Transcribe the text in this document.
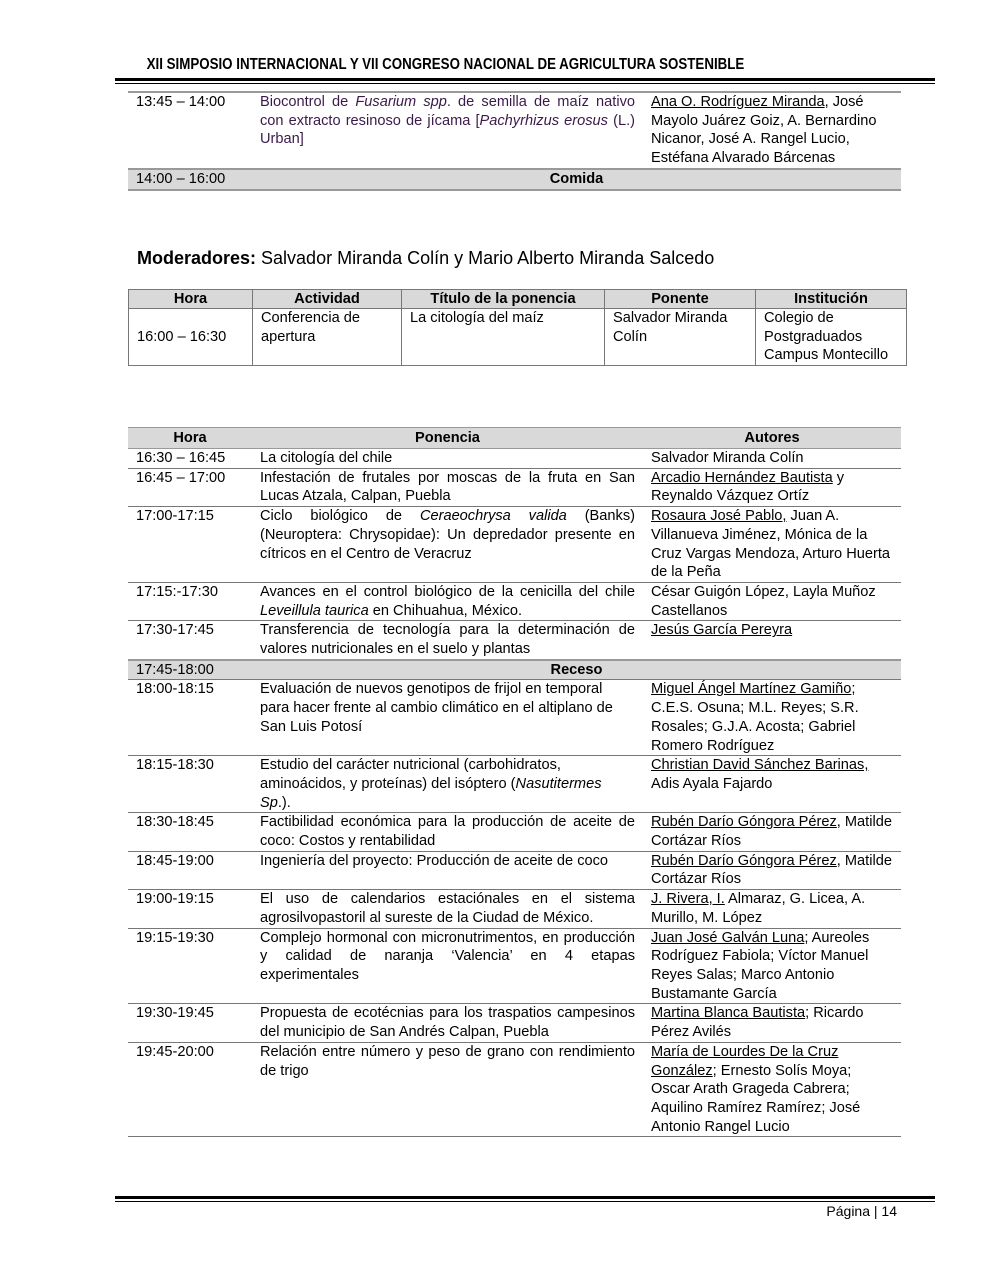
XII SIMPOSIO INTERNACIONAL Y VII CONGRESO NACIONAL DE AGRICULTURA SOSTENIBLE
13:45 – 14:00	Biocontrol de Fusarium spp. de semilla de maíz nativo con extracto resinoso de jícama [Pachyrhizus erosus (L.) Urban]	Ana O. Rodríguez Miranda, José Mayolo Juárez Goiz, A. Bernardino Nicanor, José A. Rangel Lucio, Estéfana Alvarado Bárcenas
14:00 – 16:00	Comida	
Moderadores: Salvador Miranda Colín y Mario Alberto Miranda Salcedo
Hora	Actividad	Título de la ponencia	Ponente	Institución
16:00 – 16:30	Conferencia de apertura	La citología del maíz	Salvador Miranda Colín	Colegio de Postgraduados Campus Montecillo
Hora	Ponencia	Autores
16:30 – 16:45	La citología del chile	Salvador Miranda Colín
16:45 – 17:00	Infestación de frutales por moscas de la fruta en San Lucas Atzala, Calpan, Puebla	Arcadio Hernández Bautista y Reynaldo Vázquez Ortíz
17:00-17:15	Ciclo biológico de Ceraeochrysa valida (Banks) (Neuroptera: Chrysopidae): Un depredador presente en cítricos en el Centro de Veracruz	Rosaura José Pablo, Juan A. Villanueva Jiménez, Mónica de la Cruz Vargas Mendoza, Arturo Huerta de la Peña
17:15:-17:30	Avances en el control biológico de la cenicilla del chile Leveillula taurica en Chihuahua, México.	César Guigón López, Layla Muñoz Castellanos
17:30-17:45	Transferencia de tecnología para la determinación de valores nutricionales en el suelo y plantas	Jesús García Pereyra
17:45-18:00	Receso	
18:00-18:15	Evaluación de nuevos genotipos de frijol en temporal para hacer frente al cambio climático en el altiplano de San Luis Potosí	Miguel Ángel Martínez Gamiño; C.E.S. Osuna; M.L. Reyes; S.R. Rosales; G.J.A. Acosta; Gabriel Romero Rodríguez
18:15-18:30	Estudio del carácter nutricional (carbohidratos, aminoácidos, y proteínas) del isóptero (Nasutitermes Sp.).	Christian David Sánchez Barinas, Adis Ayala Fajardo
18:30-18:45	Factibilidad económica para la producción de aceite de coco: Costos y rentabilidad	Rubén Darío Góngora Pérez, Matilde Cortázar Ríos
18:45-19:00	Ingeniería del proyecto: Producción de aceite de coco	Rubén Darío Góngora Pérez, Matilde Cortázar Ríos
19:00-19:15	El uso de calendarios estaciónales en el sistema agrosilvopastoril al sureste de la Ciudad de México.	J. Rivera, I. Almaraz, G. Licea, A. Murillo, M. López
19:15-19:30	Complejo hormonal con micronutrimentos, en producción y calidad de naranja ‘Valencia’ en 4 etapas experimentales	Juan José Galván Luna; Aureoles Rodríguez Fabiola; Víctor Manuel Reyes Salas; Marco Antonio Bustamante García
19:30-19:45	Propuesta de ecotécnias para los traspatios campesinos del municipio de San Andrés Calpan, Puebla	Martina Blanca Bautista; Ricardo Pérez Avilés
19:45-20:00	Relación entre número y peso de grano con rendimiento de trigo	María de Lourdes De la Cruz González; Ernesto Solís Moya; Oscar Arath Grageda Cabrera; Aquilino Ramírez Ramírez; José Antonio Rangel Lucio
Página | 14
